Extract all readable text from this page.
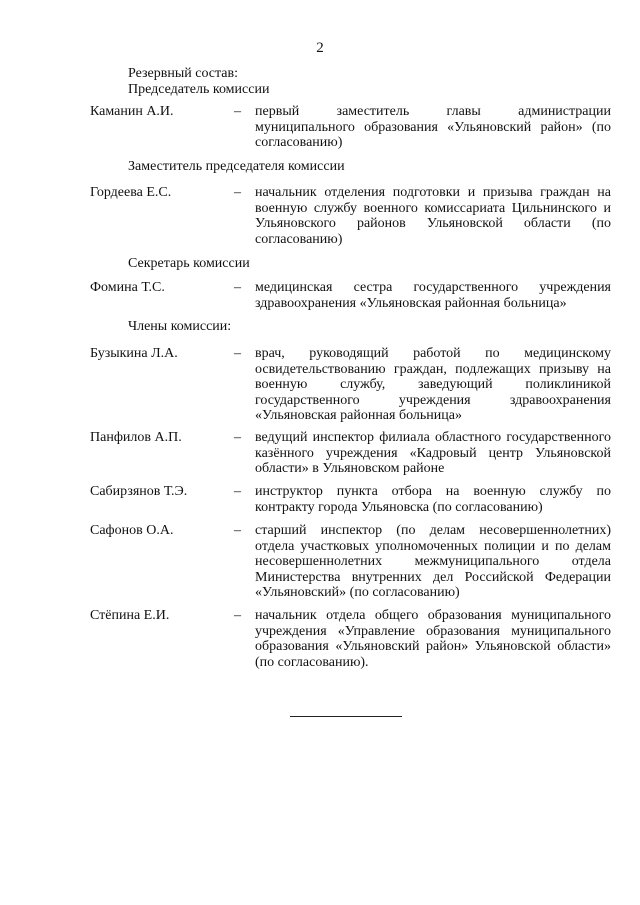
2
Резервный состав:
Председатель комиссии
Каманин А.И.	– первый заместитель главы администрации муниципального образования «Ульяновский район» (по согласованию)
Заместитель председателя комиссии
Гордеева Е.С.	– начальник отделения подготовки и призыва граждан на военную службу военного комиссариата Цильнинского и Ульяновского районов Ульяновской области (по согласованию)
Секретарь комиссии
Фомина Т.С.	– медицинская сестра государственного учреждения здравоохранения «Ульяновская районная больница»
Члены комиссии:
Бузыкина Л.А.	– врач, руководящий работой по медицинскому освидетельствованию граждан, подлежащих призыву на военную службу, заведующий поликлиникой государственного учреждения здравоохранения «Ульяновская районная больница»
Панфилов А.П.	– ведущий инспектор филиала областного государственного казённого учреждения «Кадровый центр Ульяновской области» в Ульяновском районе
Сабирзянов Т.Э.	– инструктор пункта отбора на военную службу по контракту города Ульяновска (по согласованию)
Сафонов О.А.	– старший инспектор (по делам несовершеннолетних) отдела участковых уполномоченных полиции и по делам несовершеннолетних межмуниципального отдела Министерства внутренних дел Российской Федерации «Ульяновский» (по согласованию)
Стёпина Е.И.	– начальник отдела общего образования муниципального учреждения «Управление образования муниципального образования «Ульяновский район» Ульяновской области» (по согласованию).
